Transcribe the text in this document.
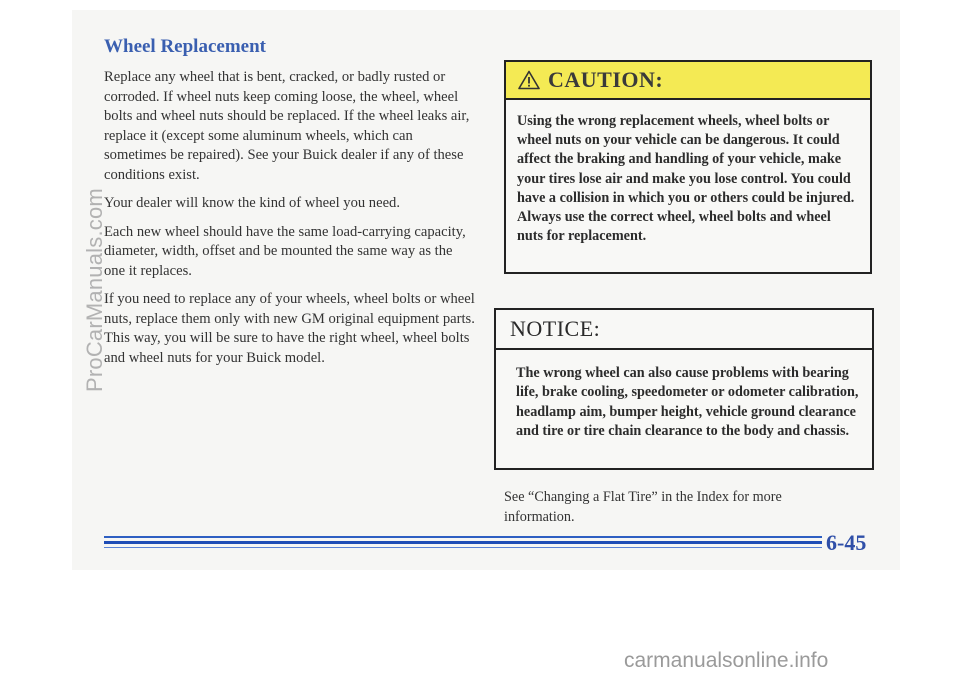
Wheel Replacement

Replace any wheel that is bent, cracked, or badly rusted or corroded. If wheel nuts keep coming loose, the wheel, wheel bolts and wheel nuts should be replaced. If the wheel leaks air, replace it (except some aluminum wheels, which can sometimes be repaired). See your Buick dealer if any of these conditions exist.

Your dealer will know the kind of wheel you need.

Each new wheel should have the same load-carrying capacity, diameter, width, offset and be mounted the same way as the one it replaces.

If you need to replace any of your wheels, wheel bolts or wheel nuts, replace them only with new GM original equipment parts. This way, you will be sure to have the right wheel, wheel bolts and wheel nuts for your Buick model.

CAUTION:

Using the wrong replacement wheels, wheel bolts or wheel nuts on your vehicle can be dangerous. It could affect the braking and handling of your vehicle, make your tires lose air and make you lose control. You could have a collision in which you or others could be injured. Always use the correct wheel, wheel bolts and wheel nuts for replacement.

NOTICE:

The wrong wheel can also cause problems with bearing life, brake cooling, speedometer or odometer calibration, headlamp aim, bumper height, vehicle ground clearance and tire or tire chain clearance to the body and chassis.

See “Changing a Flat Tire” in the Index for more information.

6-45
ProCarManuals.com
carmanualsonline.info
